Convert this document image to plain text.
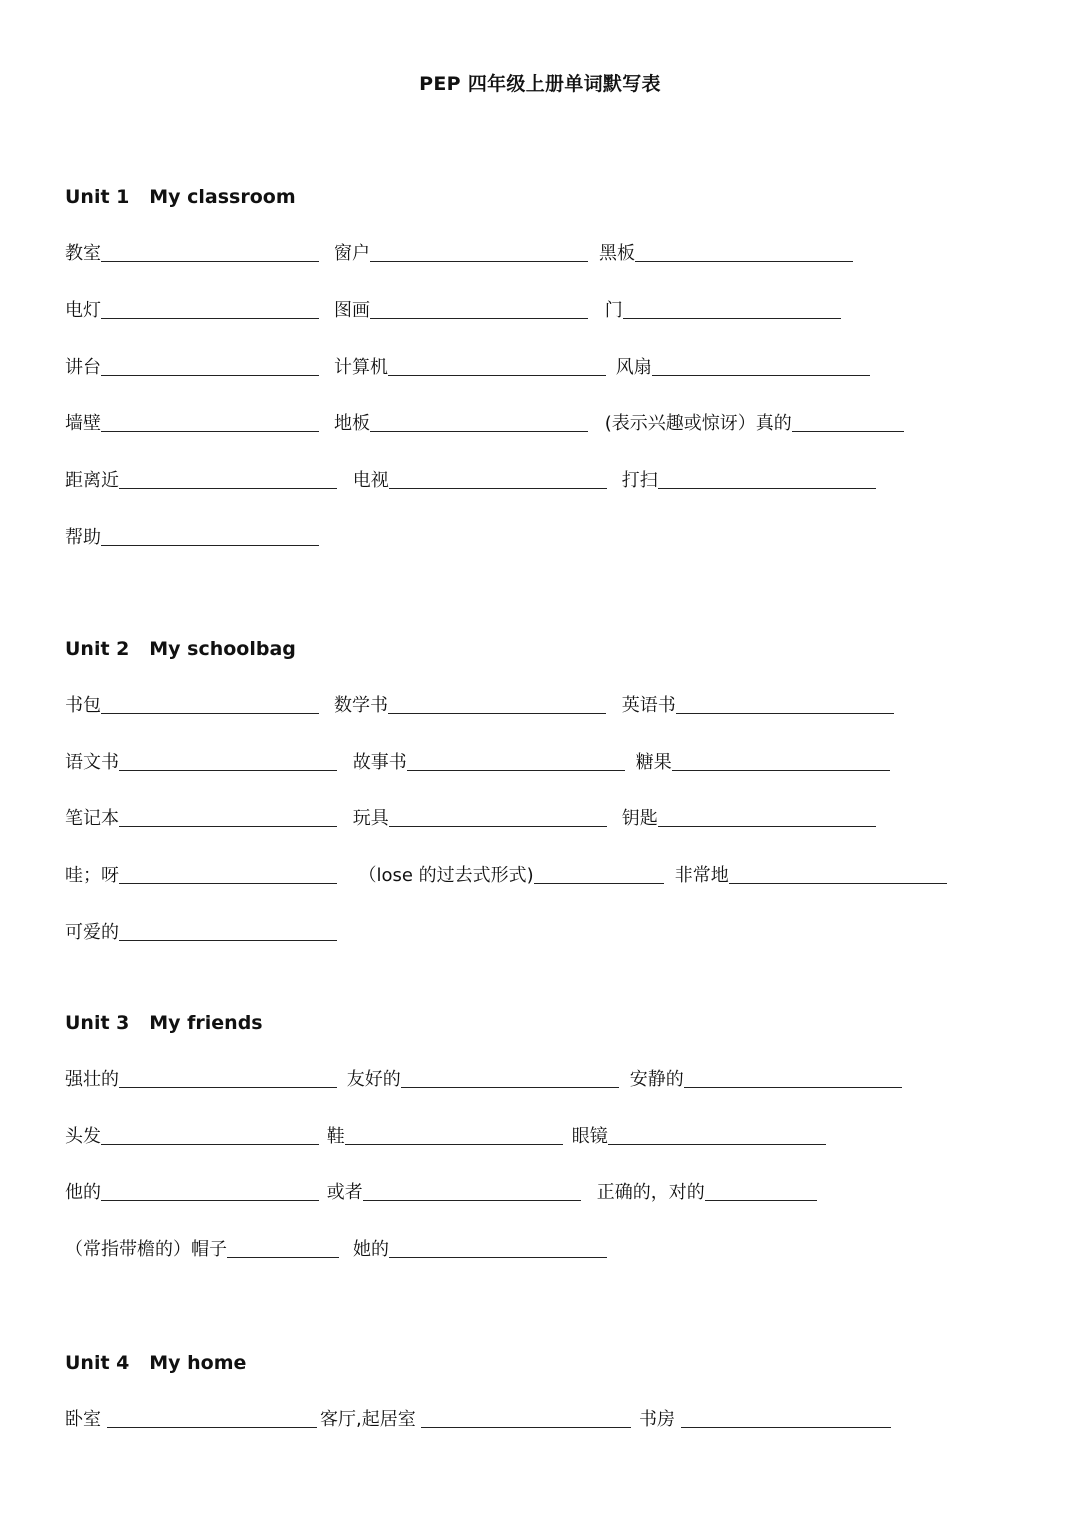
PEP 四年级上册单词默写表
Unit 1   My classroom
教室	窗户	黑板
电灯	图画	门
讲台	计算机	风扇
墙壁	地板	(表示兴趣或惊讶）真的
距离近	电视	打扫
帮助
Unit 2   My schoolbag
书包	数学书	英语书
语文书	故事书	糖果
笔记本	玩具	钥匙
哇；呀	（lose 的过去式形式)	非常地
可爱的
Unit 3   My friends
强壮的	友好的	安静的
头发	鞋	眼镜
他的	或者	正确的，对的
（常指带檐的）帽子	她的
Unit 4   My home
卧室	客厅,起居室	书房
